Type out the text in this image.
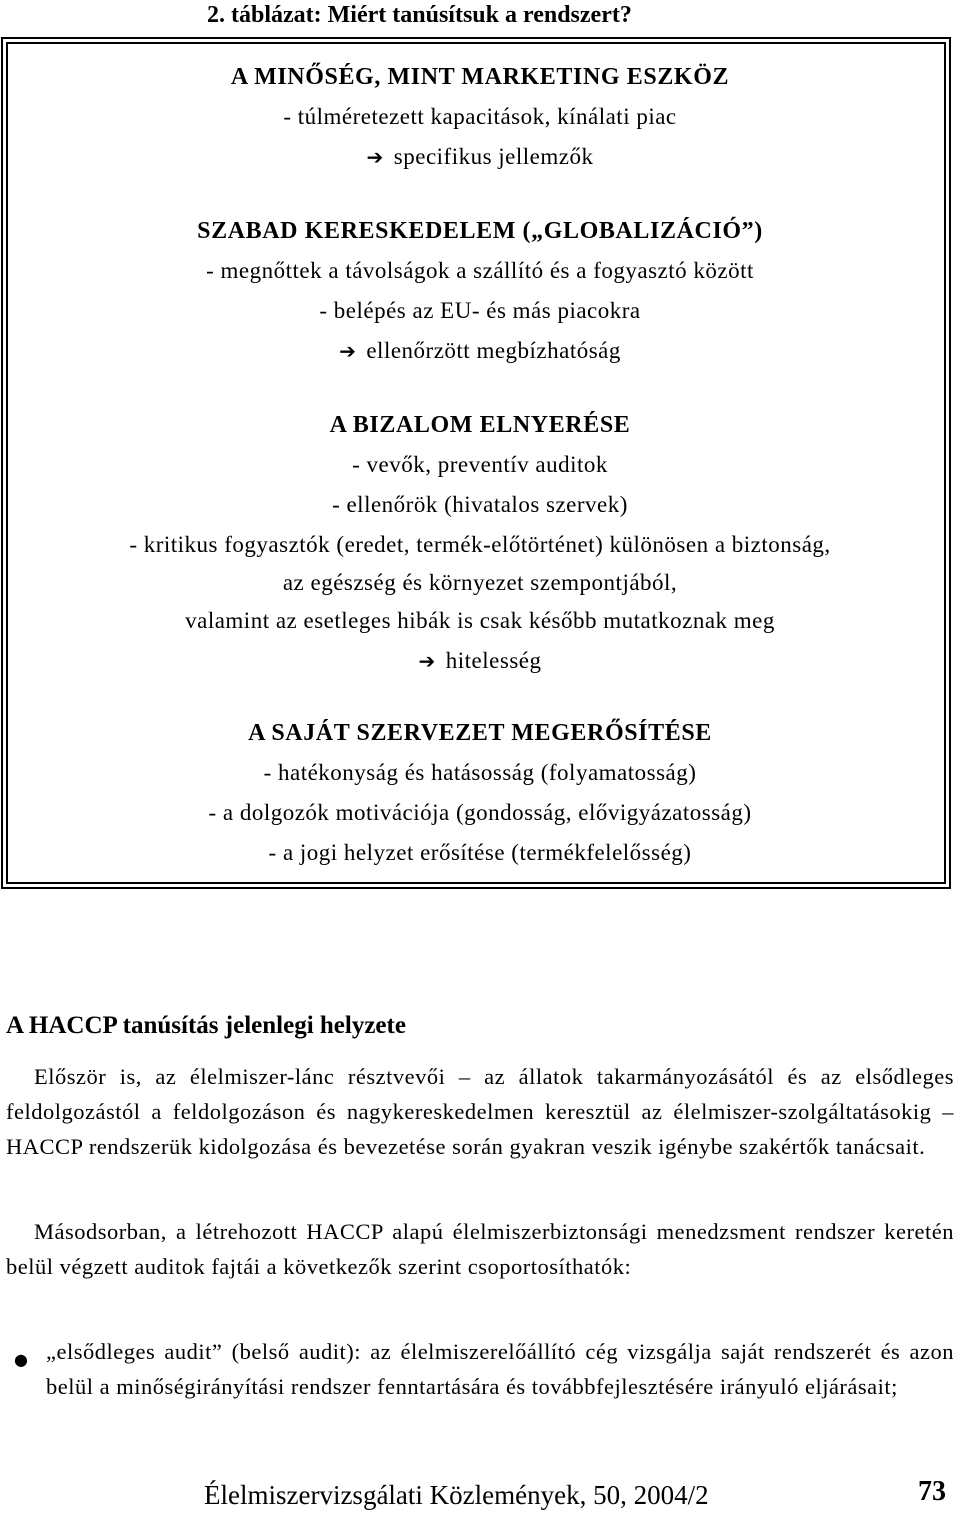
2. táblázat: Miért tanúsítsuk a rendszert?
A MINŐSÉG, MINT MARKETING ESZKÖZ
- túlméretezett kapacitások, kínálati piac
➔ specifikus jellemzők
SZABAD KERESKEDELEM („GLOBALIZÁCIÓ”)
- megnőttek a távolságok a szállító és a fogyasztó között
- belépés az EU- és más piacokra
➔ ellenőrzött megbízhatóság
A BIZALOM ELNYERÉSE
- vevők, preventív auditok
- ellenőrök (hivatalos szervek)
- kritikus fogyasztók (eredet, termék-előtörténet) különösen a biztonság,
az egészség és környezet szempontjából,
valamint az esetleges hibák is csak később mutatkoznak meg
➔ hitelesség
A SAJÁT SZERVEZET MEGERŐSÍTÉSE
- hatékonyság és hatásosság (folyamatosság)
- a dolgozók motivációja (gondosság, elővigyázatosság)
- a jogi helyzet erősítése (termékfelelősség)
A HACCP tanúsítás jelenlegi helyzete
Először is, az élelmiszer-lánc résztvevői – az állatok takarmányozásától és az elsődleges feldolgozástól a feldolgozáson és nagykereskedelmen keresztül az élelmiszer-szolgáltatásokig – HACCP rendszerük kidolgozása és bevezetése során gyakran veszik igénybe szakértők tanácsait.
Másodsorban, a létrehozott HACCP alapú élelmiszerbiztonsági menedzsment rendszer keretén belül végzett auditok fajtái a következők szerint csoportosíthatók:
● „elsődleges audit” (belső audit): az élelmiszerelőállító cég vizsgálja saját rendszerét és azon belül a minőségirányítási rendszer fenntartására és továbbfejlesztésére irányuló eljárásait;
Élelmiszervizsgálati Közlemények, 50, 2004/2	73
